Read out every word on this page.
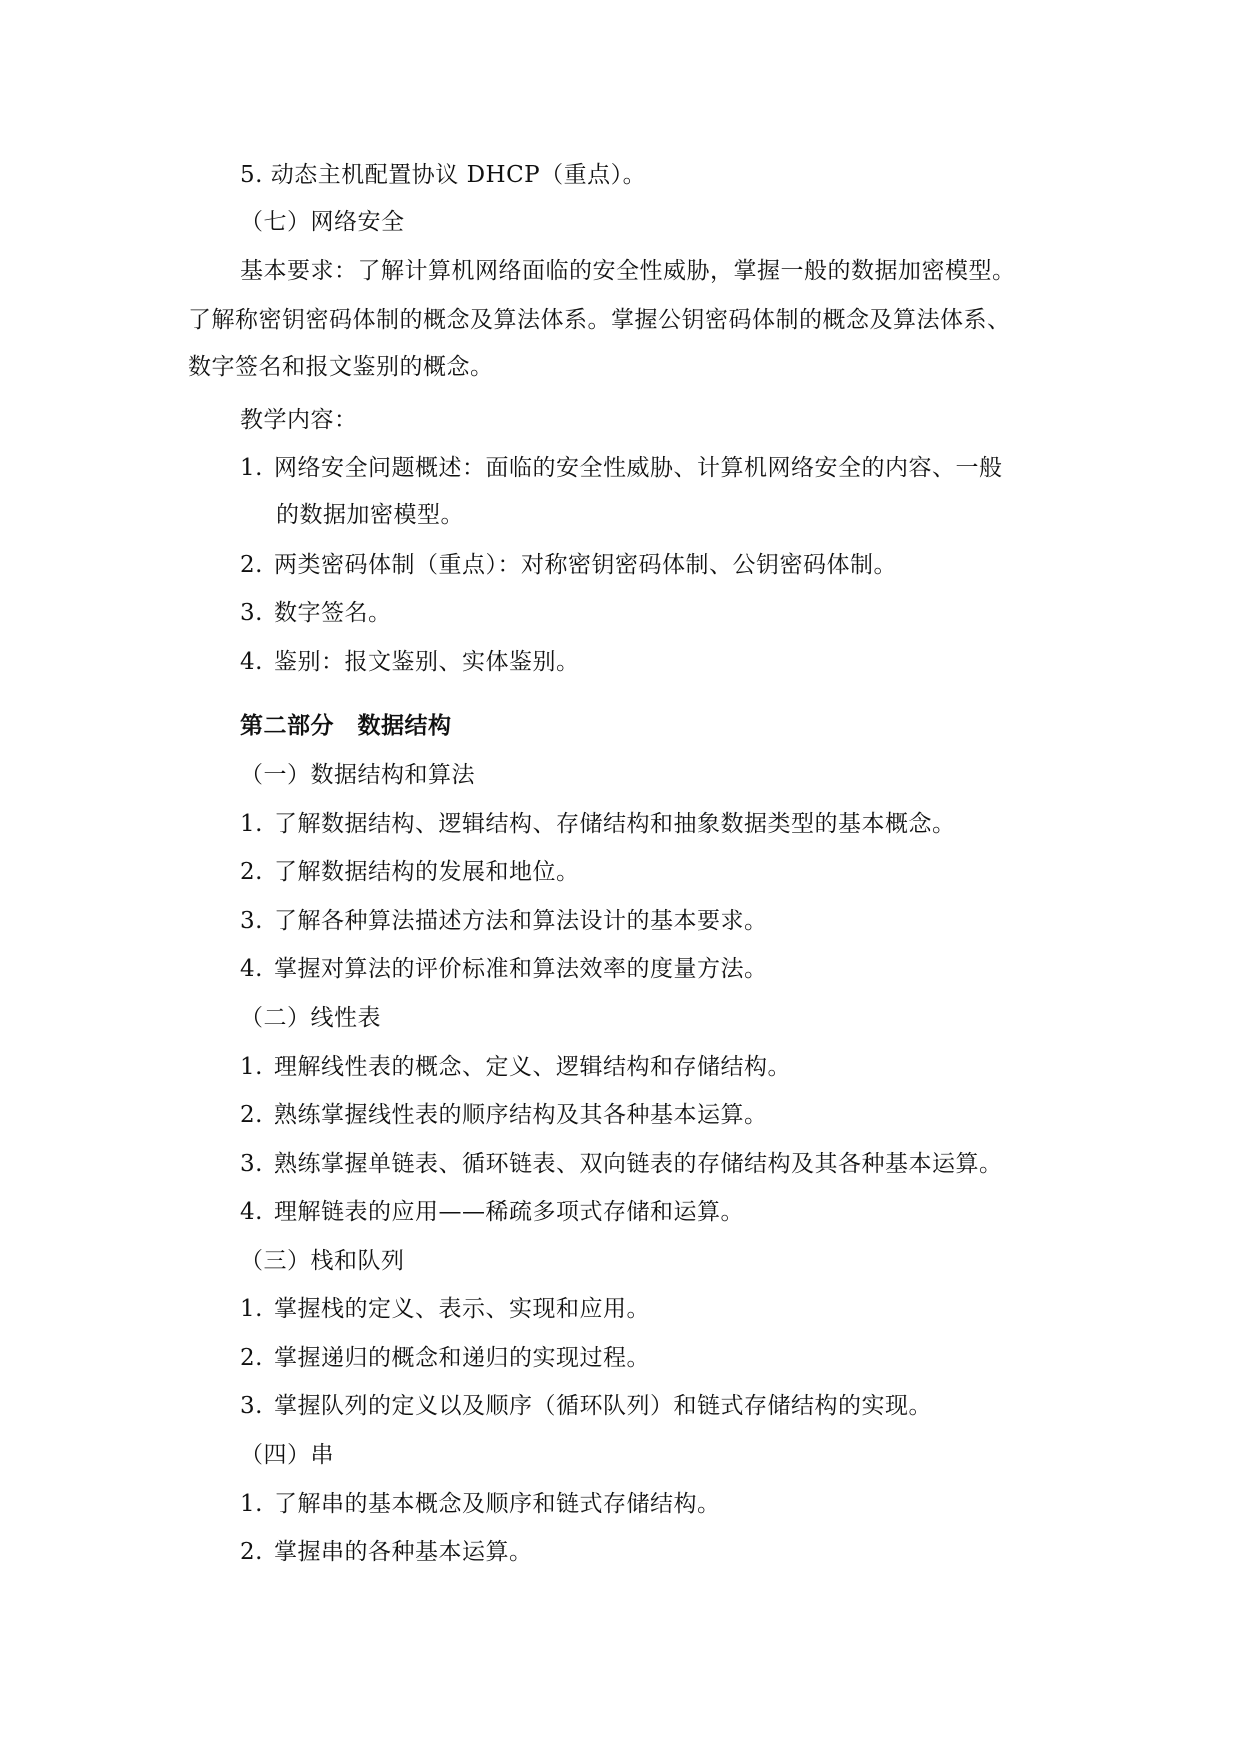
5. 动态主机配置协议 DHCP（重点）。
（七）网络安全
基本要求：了解计算机网络面临的安全性威胁，掌握一般的数据加密模型。
了解称密钥密码体制的概念及算法体系。掌握公钥密码体制的概念及算法体系、
数字签名和报文鉴别的概念。
教学内容：
1. 网络安全问题概述：面临的安全性威胁、计算机网络安全的内容、一般
的数据加密模型。
2. 两类密码体制（重点）：对称密钥密码体制、公钥密码体制。
3. 数字签名。
4. 鉴别：报文鉴别、实体鉴别。
第二部分　数据结构
（一）数据结构和算法
1. 了解数据结构、逻辑结构、存储结构和抽象数据类型的基本概念。
2. 了解数据结构的发展和地位。
3. 了解各种算法描述方法和算法设计的基本要求。
4. 掌握对算法的评价标准和算法效率的度量方法。
（二）线性表
1. 理解线性表的概念、定义、逻辑结构和存储结构。
2. 熟练掌握线性表的顺序结构及其各种基本运算。
3. 熟练掌握单链表、循环链表、双向链表的存储结构及其各种基本运算。
4. 理解链表的应用——稀疏多项式存储和运算。
（三）栈和队列
1. 掌握栈的定义、表示、实现和应用。
2. 掌握递归的概念和递归的实现过程。
3. 掌握队列的定义以及顺序（循环队列）和链式存储结构的实现。
（四）串
1. 了解串的基本概念及顺序和链式存储结构。
2. 掌握串的各种基本运算。
